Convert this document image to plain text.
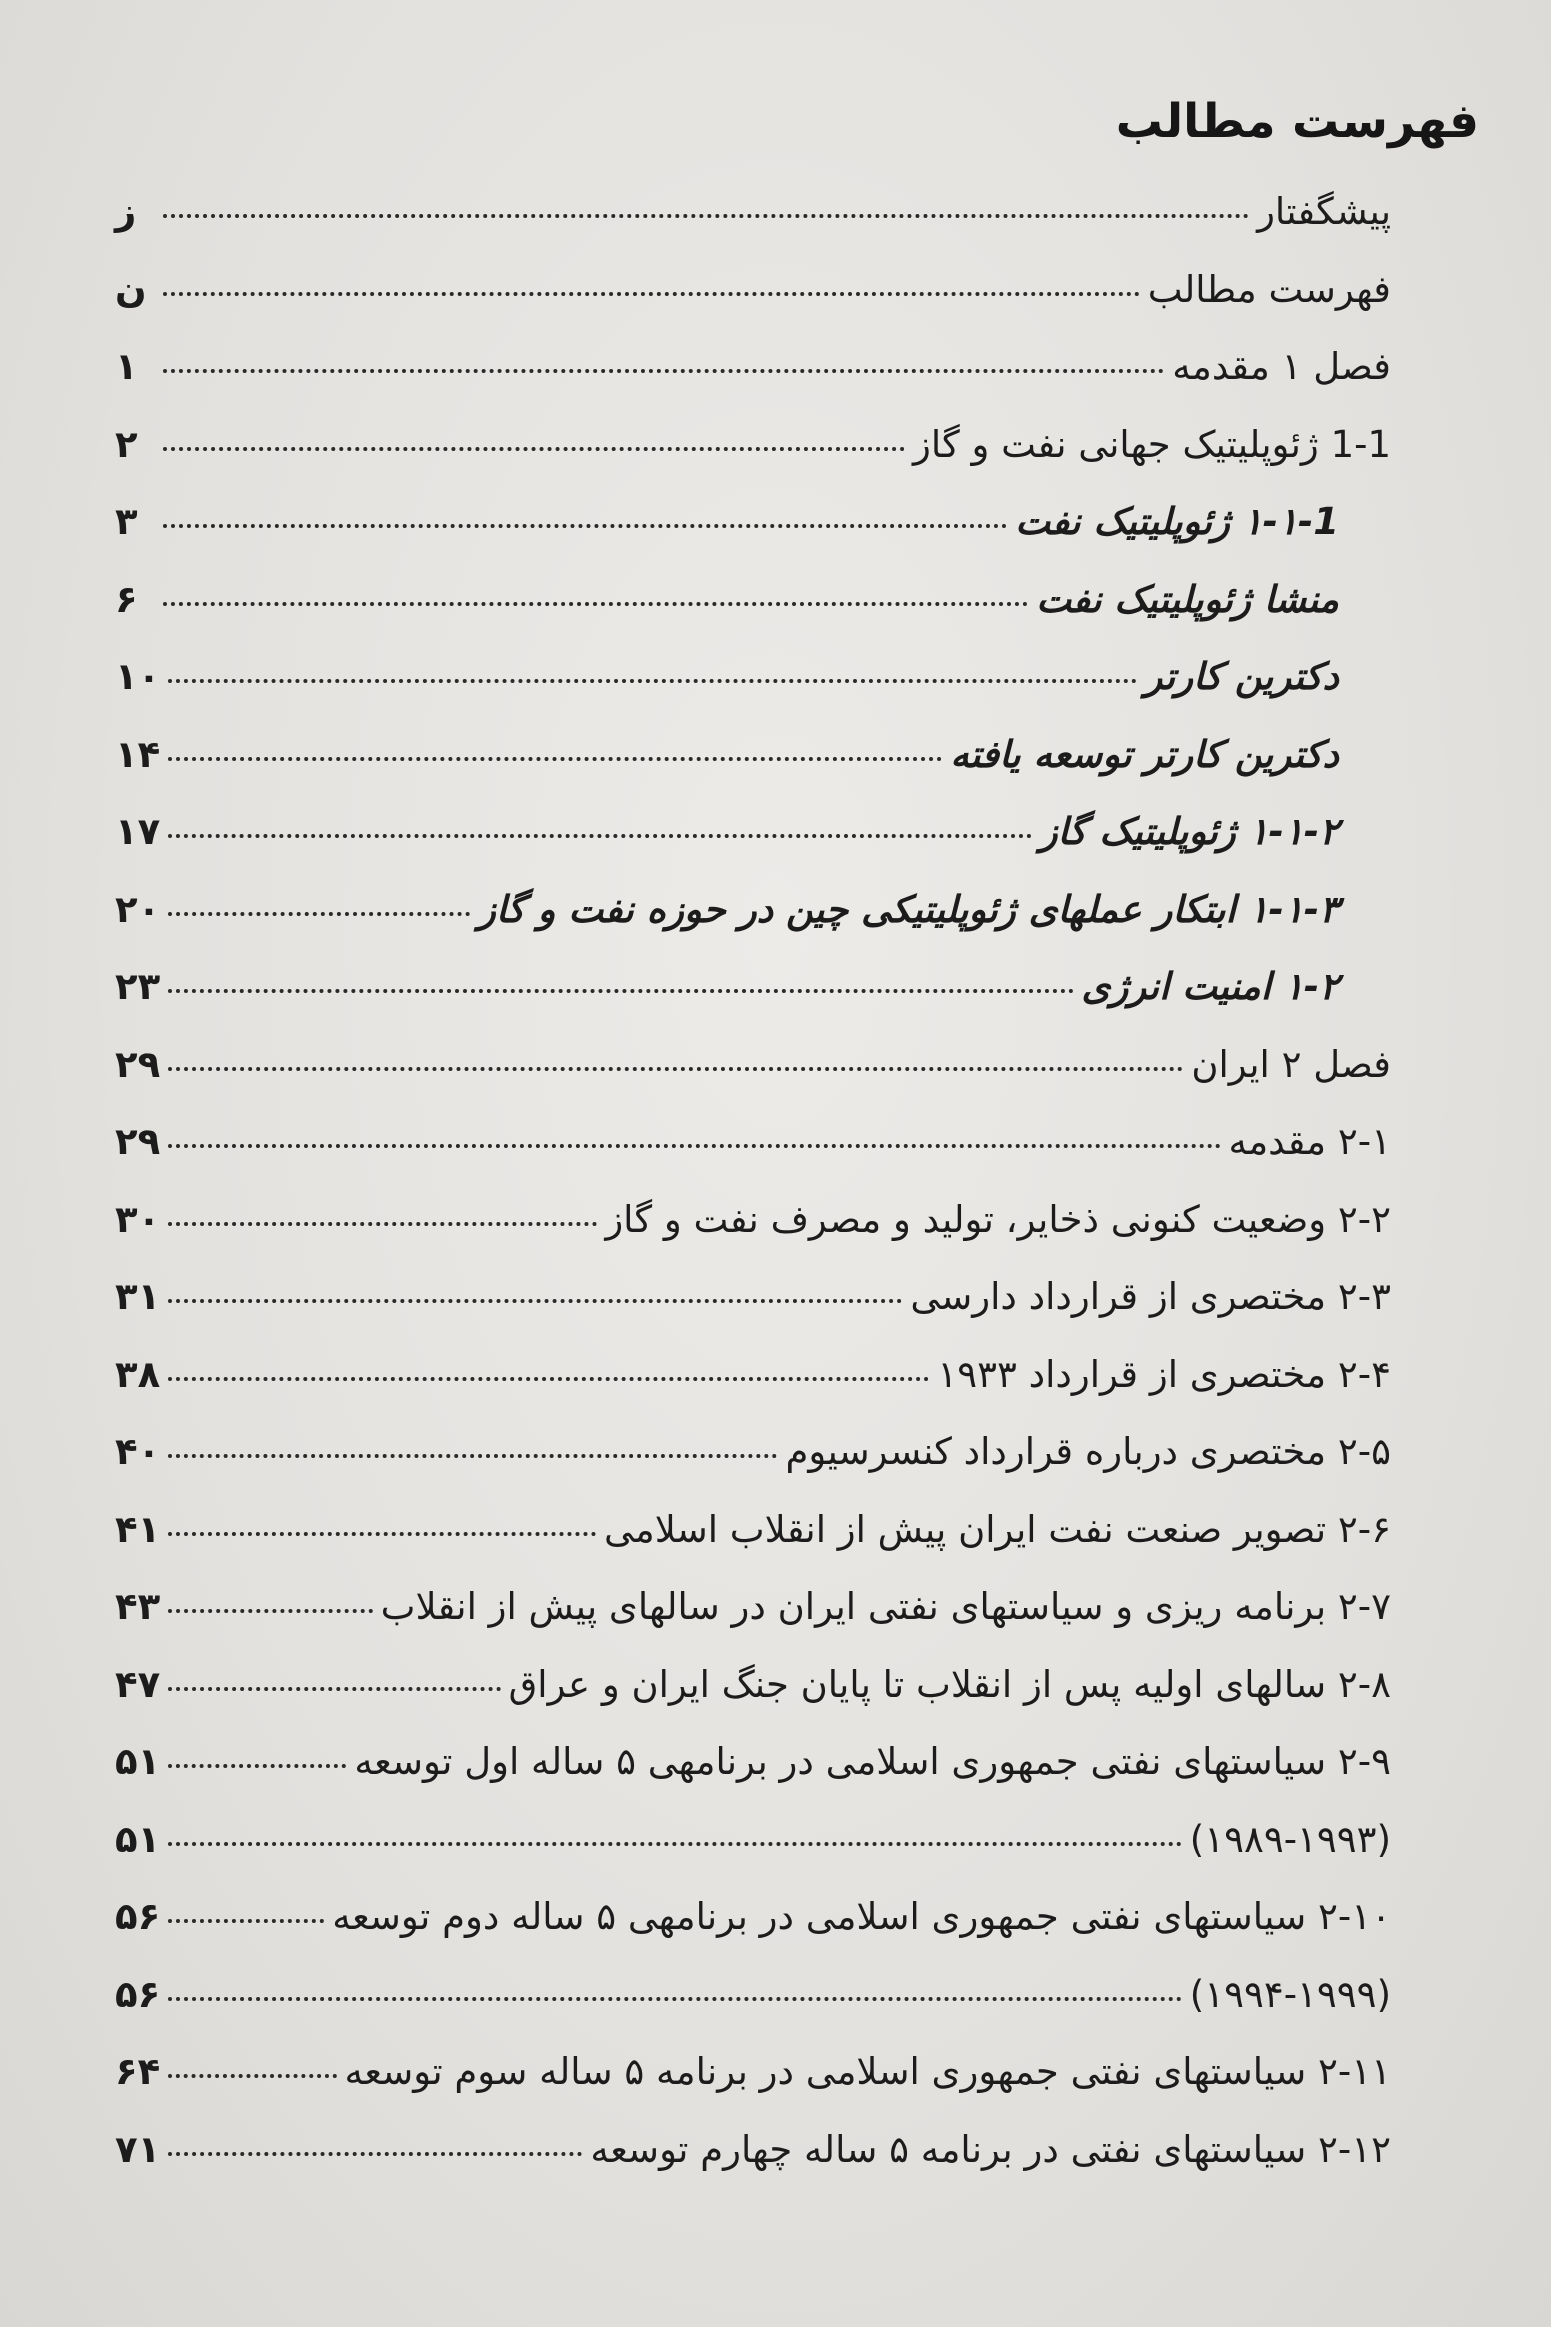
فهرست مطالب
پیشگفتار
ز
فهرست مطالب
ن
فصل ۱ مقدمه
۱
1-1 ژئوپلیتیک جهانی نفت و گاز
۲
۱-۱-1 ژئوپلیتیک نفت
۳
منشا ژئوپلیتیک نفت
۶
دکترین کارتر
۱۰
دکترین کارتر توسعه یافته
۱۴
۱-۱-۲ ژئوپلیتیک گاز
۱۷
۱-۱-۳ ابتکار عملهای ژئوپلیتیکی چین در حوزه نفت و گاز
۲۰
۱-۲ امنیت انرژی
۲۳
فصل ۲ ایران
۲۹
۲-۱ مقدمه
۲۹
۲-۲ وضعیت کنونی ذخایر، تولید و مصرف نفت و گاز
۳۰
۲-۳ مختصری از قرارداد دارسی
۳۱
۲-۴ مختصری از قرارداد ۱۹۳۳
۳۸
۲-۵ مختصری درباره قرارداد کنسرسیوم
۴۰
۲-۶ تصویر صنعت نفت ایران پیش از انقلاب اسلامی
۴۱
۲-۷ برنامه ریزی و سیاستهای نفتی ایران در سالهای پیش از انقلاب
۴۳
۲-۸ سالهای اولیه پس از انقلاب تا پایان جنگ ایران و عراق
۴۷
۲-۹ سیاستهای نفتی جمهوری اسلامی در برنامهی ۵ ساله اول توسعه
۵۱
(۱۹۸۹-۱۹۹۳)
۵۱
۲-۱۰ سیاستهای نفتی جمهوری اسلامی در برنامهی ۵ ساله دوم توسعه
۵۶
(۱۹۹۴-۱۹۹۹)
۵۶
۲-۱۱ سیاستهای نفتی جمهوری اسلامی در برنامه ۵ ساله سوم توسعه
۶۴
۲-۱۲ سیاستهای نفتی در برنامه ۵ ساله چهارم توسعه
۷۱
